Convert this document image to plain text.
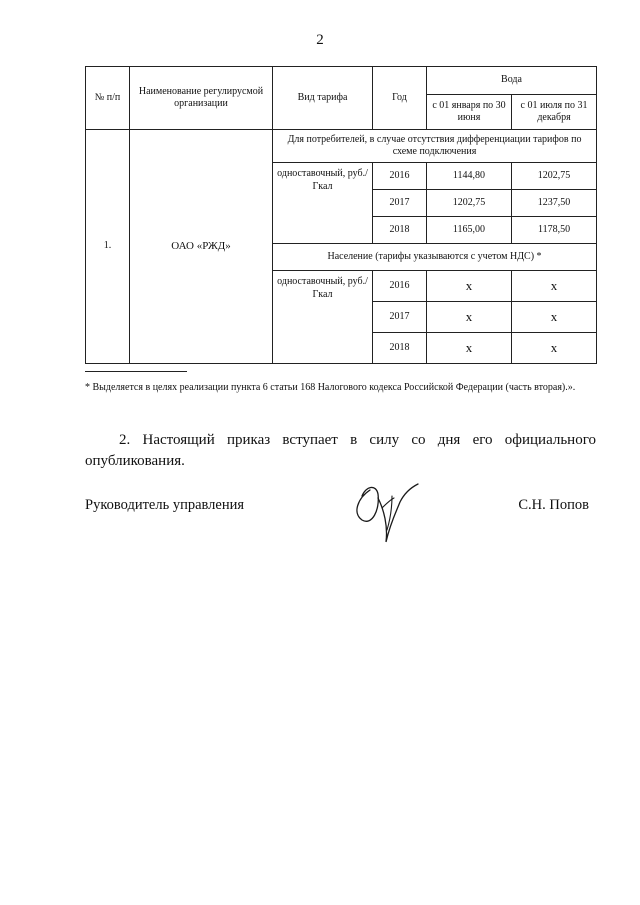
2
№ п/п	Наименование регулирусмой организации	Вид тарифа	Год	Вода	
				с 01 января по 30 июня	с 01 июля по 31 декабря
1.	ОАО «РЖД»	Для потребителей, в случае отсутствия дифференциации тарифов по схеме подключения			
		одноставочный, руб./Гкал	2016	1144,80	1202,75
			2017	1202,75	1237,50
			2018	1165,00	1178,50
		Население (тарифы указываются с учетом НДС) *			
		одноставочный, руб./Гкал	2016	х	х
			2017	х	х
			2018	х	х
* Выделяется в целях реализации пункта 6 статьи 168 Налогового кодекса Российской Федерации (часть вторая).».
2. Настоящий приказ вступает в силу со дня его официального опубликования.
Руководитель управления	С.Н. Попов
